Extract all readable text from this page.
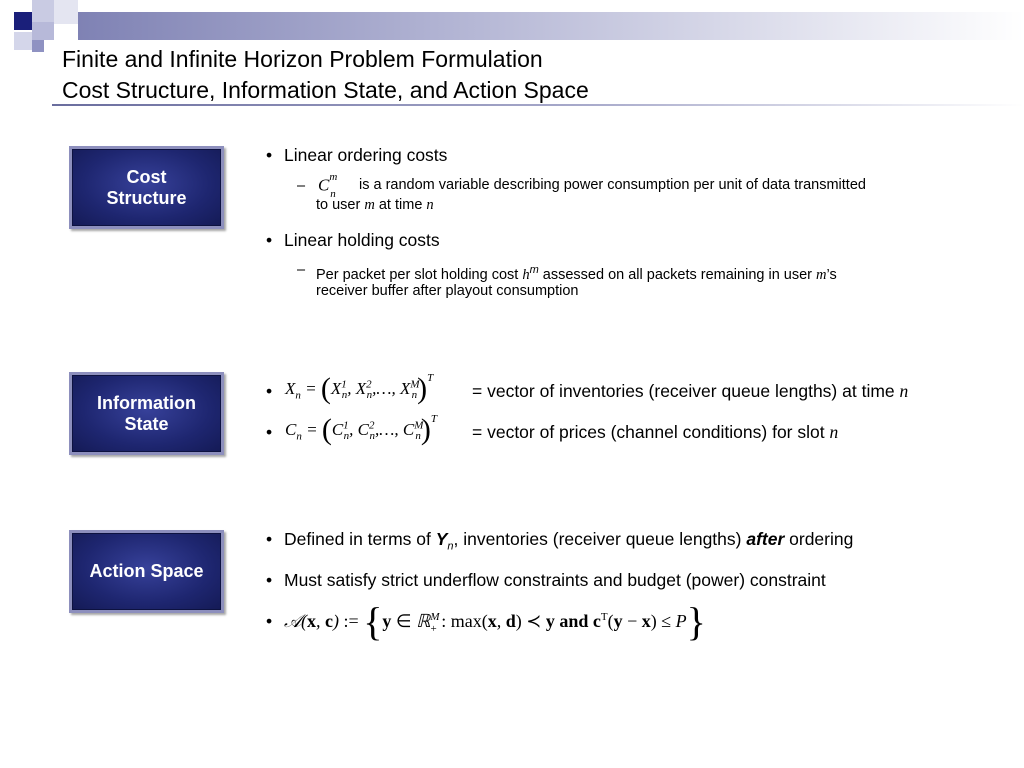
Finite and Infinite Horizon Problem Formulation
Cost Structure, Information State, and Action Space
Cost
Structure
• Linear ordering costs
– $C^m_n$
is a random variable describing power consumption per unit of data transmitted
to user m at time n
• Linear holding costs
– Per packet per slot holding cost $h^m$ assessed on all packets remaining in user m’s
receiver buffer after playout consumption
Information
State
• $X_n = (X^1_n$, $X^2_n,\dots$, $X^M_n)^T$
= vector of inventories (receiver queue lengths) at time n
• $C_n = (C^1_n$, $C^2_n,\dots$, $C^M_n)^T$
= vector of prices (channel conditions) for slot n
Action Space
• Defined in terms of $Y_n$, inventories (receiver queue lengths) after ordering
• Must satisfy strict underflow constraints and budget (power) constraint
• 𝒜(x, c) := {y ∈ ℝ$^M_+$ : max(x, d) ≺ y and $c^T(y - x) \le P$}
